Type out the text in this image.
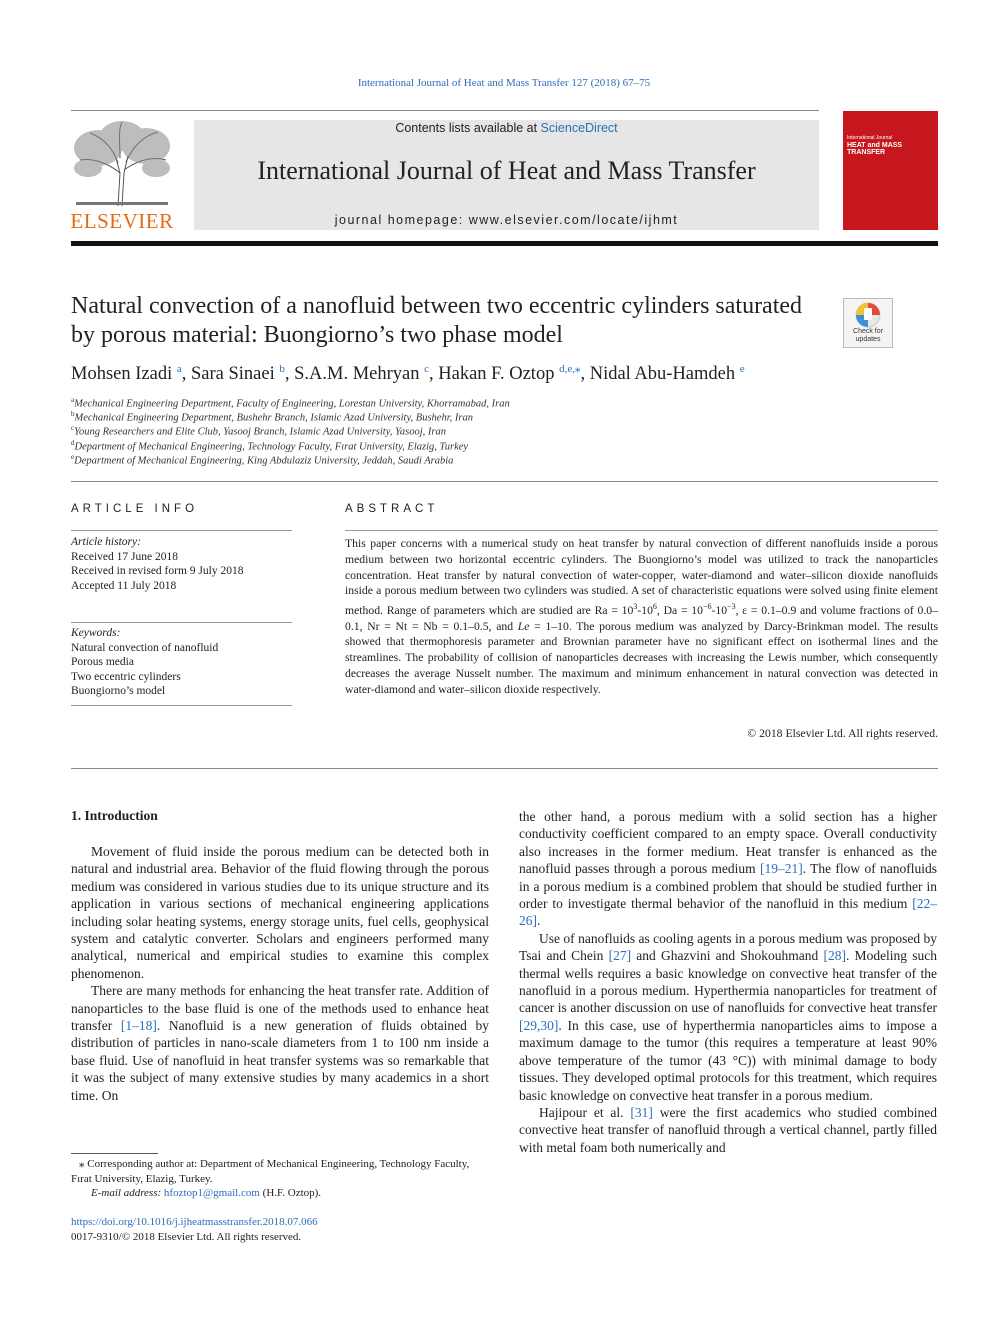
International Journal of Heat and Mass Transfer 127 (2018) 67–75
ELSEVIER
Contents lists available at ScienceDirect
International Journal of Heat and Mass Transfer
journal homepage: www.elsevier.com/locate/ijhmt
International Journal
HEAT and MASS
TRANSFER
Natural convection of a nanofluid between two eccentric cylinders saturated by porous material: Buongiorno’s two phase model	Check for
updates
Mohsen Izadi $^a$, Sara Sinaei $^b$, S.A.M. Mehryan $^c$, Hakan F. Oztop $^{d,e,⁎}$, Nidal Abu-Hamdeh $^e$
$^a$Mechanical Engineering Department, Faculty of Engineering, Lorestan University, Khorramabad, Iran
$^b$Mechanical Engineering Department, Bushehr Branch, Islamic Azad University, Bushehr, Iran
$^c$Young Researchers and Elite Club, Yasooj Branch, Islamic Azad University, Yasooj, Iran
$^d$Department of Mechanical Engineering, Technology Faculty, Fırat University, Elazig, Turkey
$^e$Department of Mechanical Engineering, King Abdulaziz University, Jeddah, Saudi Arabia
ARTICLE INFO
Article history:
Received 17 June 2018
Received in revised form 9 July 2018
Accepted 11 July 2018
Keywords:
Natural convection of nanofluid
Porous media
Two eccentric cylinders
Buongiorno’s model
ABSTRACT
This paper concerns with a numerical study on heat transfer by natural convection of different nanofluids inside a porous medium between two horizontal eccentric cylinders. The Buongiorno’s model was utilized to track the nanoparticles concentration. Heat transfer by natural convection of water-copper, water-diamond and water–silicon dioxide nanofluids inside a porous medium between two cylinders was studied. A set of characteristic equations were solved using finite element method. Range of parameters which are studied are $Ra = 10^3-10^6$, $Da = 10^{-6}-10^{-3}$, ε = 0.1–0.9 and volume fractions of 0.0–0.1, Nr = Nt = Nb = 0.1–0.5, and Le = 1–10. The porous medium was analyzed by Darcy-Brinkman model. The results showed that thermophoresis parameter and Brownian parameter have no significant effect on isothermal lines and the streamlines. The probability of collision of nanoparticles decreases with increasing the Lewis number, which consequently decreases the average Nusselt number. The maximum and minimum enhancement in natural convection was detected in water-diamond and water–silicon dioxide respectively.
© 2018 Elsevier Ltd. All rights reserved.
1. Introduction

Movement of fluid inside the porous medium can be detected both in natural and industrial area. Behavior of the fluid flowing through the porous medium was considered in various studies due to its unique structure and its application in various sections of mechanical engineering applications including solar heating systems, energy storage units, fuel cells, geophysical system and catalytic converter. Scholars and engineers performed many analytical, numerical and empirical studies to examine this complex phenomenon.

There are many methods for enhancing the heat transfer rate. Addition of nanoparticles to the base fluid is one of the methods used to enhance heat transfer [1–18]. Nanofluid is a new generation of fluids obtained by distribution of particles in nano-scale diameters from 1 to 100 nm inside a base fluid. Use of nanofluid in heat transfer systems was so remarkable that it was the subject of many extensive studies by many academics in a short time. On

the other hand, a porous medium with a solid section has a higher conductivity coefficient compared to an empty space. Overall conductivity also increases in the former medium. Heat transfer is enhanced as the nanofluid passes through a porous medium [19–21]. The flow of nanofluids in a porous medium is a combined problem that should be studied further in order to investigate thermal behavior of the nanofluid in this medium [22–26].

Use of nanofluids as cooling agents in a porous medium was proposed by Tsai and Chein [27] and Ghazvini and Shokouhmand [28]. Modeling such thermal wells requires a basic knowledge on convective heat transfer of the nanofluid in a porous medium. Hyperthermia nanoparticles for treatment of cancer is another discussion on use of nanofluids for convective heat transfer [29,30]. In this case, use of hyperthermia nanoparticles aims to impose a maximum damage to the tumor (this requires a temperature at least 90% above temperature of the tumor (43 °C)) with minimal damage to body tissues. They developed optimal protocols for this treatment, which requires basic knowledge on convective heat transfer in a porous medium.

Hajipour et al. [31] were the first academics who studied combined convective heat transfer of nanofluid through a vertical channel, partly filled with metal foam both numerically and

⁎ Corresponding author at: Department of Mechanical Engineering, Technology Faculty, Fırat University, Elazig, Turkey.
E-mail address: hfoztop1@gmail.com (H.F. Oztop).
https://doi.org/10.1016/j.ijheatmasstransfer.2018.07.066
0017-9310/© 2018 Elsevier Ltd. All rights reserved.
